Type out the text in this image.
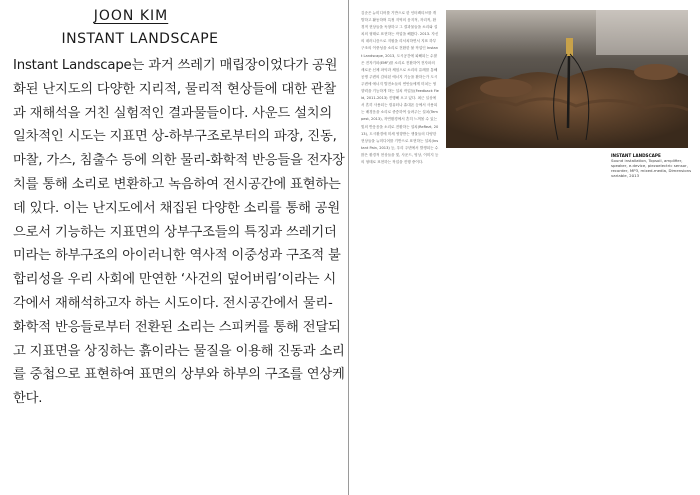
JOON KIM
INSTANT LANDSCAPE

Instant Landscape는 과거 쓰레기 매립장이었다가 공원화된 난지도의 다양한 지리적, 물리적 현상들에 대한 관찰과 재해석을 거친 실험적인 결과물들이다. 사운드 설치의 일차적인 시도는 지표면 상-하부구조로부터의 파장, 진동, 마찰, 가스, 침출수 등에 의한 물리-화학적 반응들을 전자장치를 통해 소리로 변환하고 녹음하여 전시공간에 표현하는 데 있다. 이는 난지도에서 채집된 다양한 소리를 통해 공원으로서 기능하는 지표면의 상부구조들의 특징과 쓰레기더미라는 하부구조의 아이러니한 역사적 이중성과 구조적 불합리성을 우리 사회에 만연한 ‘사건의 덮어버림’이라는 시각에서 재해석하고자 하는 시도이다. 전시공간에서 물리-화학적 반응들로부터 전환된 소리는 스피커를 통해 전달되고 지표면을 상징하는 흙이라는 물질을 이용해 진동과 소리를 중첩으로 표현하여 표면의 상부와 하부의 구조를 연상케 한다.

김준은 뉴미디어를 기반으로 한 인터랙티브를 개발하고 활동하며 특정 지역의 음지적, 자리적, 환경적 현상들을 독창하고 그 결과물들을 소리와 설치의 형태로 표현하는 작업을 해왔다. 2013. 자신의 네러니즘으로 지원을 리서치하면서 지표 하부 구조의 이중성을 소리로 전환한 불 작업인 Instant Landscape, 2013, 도시공간에 피해되는 수많은 전자기파(EMF)를 소리로 전환하여 전자파의 새로운 신체 파악과 체험으로 소리의 유례를 통해 공명 주변의 감퇴된 에너지 기능을 환하는가 도시 주변에 에너지 발전소들의 연안들에게 미치는 영향력을 기능하게 하는 설치 작업들(Feedback Field, 2011-2013) 진행해 오고 있다. 최근 일상에서 흔히 사용되는 컴퓨터나 휴대폰 등에서 사용되는 배경음을 소리로 중층하여 들려주는 설치(Tempest, 2013), 자연환경에서 흔히 느껴볼 수 있는 빛의 반응음을 소리로 전환하는 설치(ReRezt, 2013), 도시환경에 미세 영향받는 생물들의 다양한 현상들을 뉴미디어를 기반으로 표현하는 설치(Instant Pain, 2013) 등, 우리 주변에서 발생되는 수많은 환경적 현상들을 빛, 사운드, 영상, 이미지 등의 형태로 표현하는 작업을 진행 중이다.

INSTANT LANDSCAPE
Sound installation, Topsoil, amplifier, speaker, e.device, piezoelectric sensor, recorder, MP3, mixed-media, Dimensions variable, 2013
